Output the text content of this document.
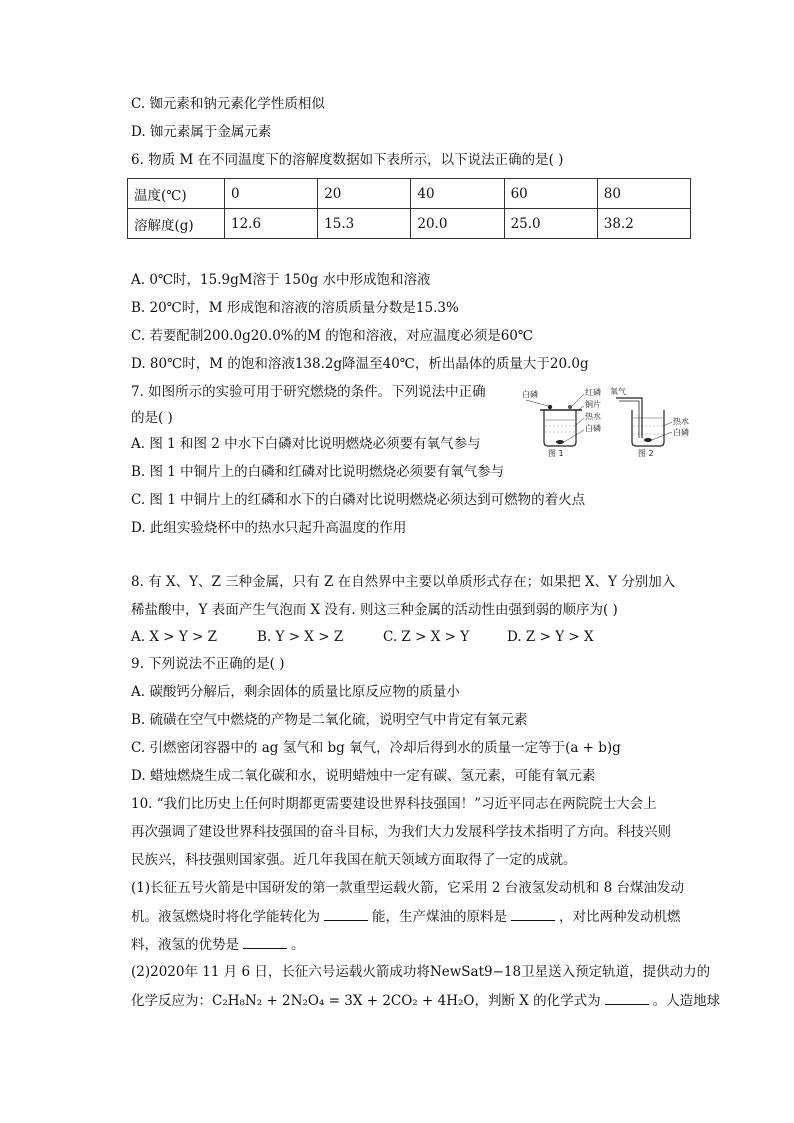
C. 铷元素和钠元素化学性质相似
D. 铷元素属于金属元素
6. 物质 M 在不同温度下的溶解度数据如下表所示，以下说法正确的是( )
温度(℃)	0	20	40	60	80
溶解度(g)	12.6	15.3	20.0	25.0	38.2
A. 0℃时，15.9gM溶于 150g 水中形成饱和溶液
B. 20℃时，M 形成饱和溶液的溶质质量分数是15.3%
C. 若要配制200.0g20.0%的M 的饱和溶液，对应温度必须是60℃
D. 80℃时，M 的饱和溶液138.2g降温至40℃，析出晶体的质量大于20.0g
7. 如图所示的实验可用于研究燃烧的条件。下列说法中正确
的是( )
A. 图 1 和图 2 中水下白磷对比说明燃烧必须要有氧气参与
B. 图 1 中铜片上的白磷和红磷对比说明燃烧必须要有氧气参与
C. 图 1 中铜片上的红磷和水下的白磷对比说明燃烧必须达到可燃物的着火点
D. 此组实验烧杯中的热水只起升高温度的作用
白磷	红磷
铜片
热水
白磷
图 1
氧气
热水
白磷
图 2
8. 有 X、Y、Z 三种金属，只有 Z 在自然界中主要以单质形式存在；如果把 X、Y 分别加入
稀盐酸中，Y 表面产生气泡而 X 没有. 则这三种金属的活动性由强到弱的顺序为( )
A. X > Y > Z	B. Y > X > Z	C. Z > X > Y	D. Z > Y > X
9. 下列说法不正确的是( )
A. 碳酸钙分解后，剩余固体的质量比原反应物的质量小
B. 硫磺在空气中燃烧的产物是二氧化硫，说明空气中肯定有氧元素
C. 引燃密闭容器中的 ag 氢气和 bg 氧气，冷却后得到水的质量一定等于(a + b)g
D. 蜡烛燃烧生成二氧化碳和水，说明蜡烛中一定有碳、氢元素，可能有氧元素
10. “我们比历史上任何时期都更需要建设世界科技强国！”习近平同志在两院院士大会上
再次强调了建设世界科技强国的奋斗目标，为我们大力发展科学技术指明了方向。科技兴则
民族兴，科技强则国家强。近几年我国在航天领域方面取得了一定的成就。
(1)长征五号火箭是中国研发的第一款重型运载火箭，它采用 2 台液氢发动机和 8 台煤油发动
机。液氢燃烧时将化学能转化为	能，生产煤油的原料是	，对比两种发动机燃
料，液氢的优势是	。
(2)2020年 11 月 6 日，长征六号运载火箭成功将NewSat9−18卫星送入预定轨道，提供动力的
化学反应为：C₂H₈N₂ + 2N₂O₄ = 3X + 2CO₂ + 4H₂O，判断 X 的化学式为	。人造地球
